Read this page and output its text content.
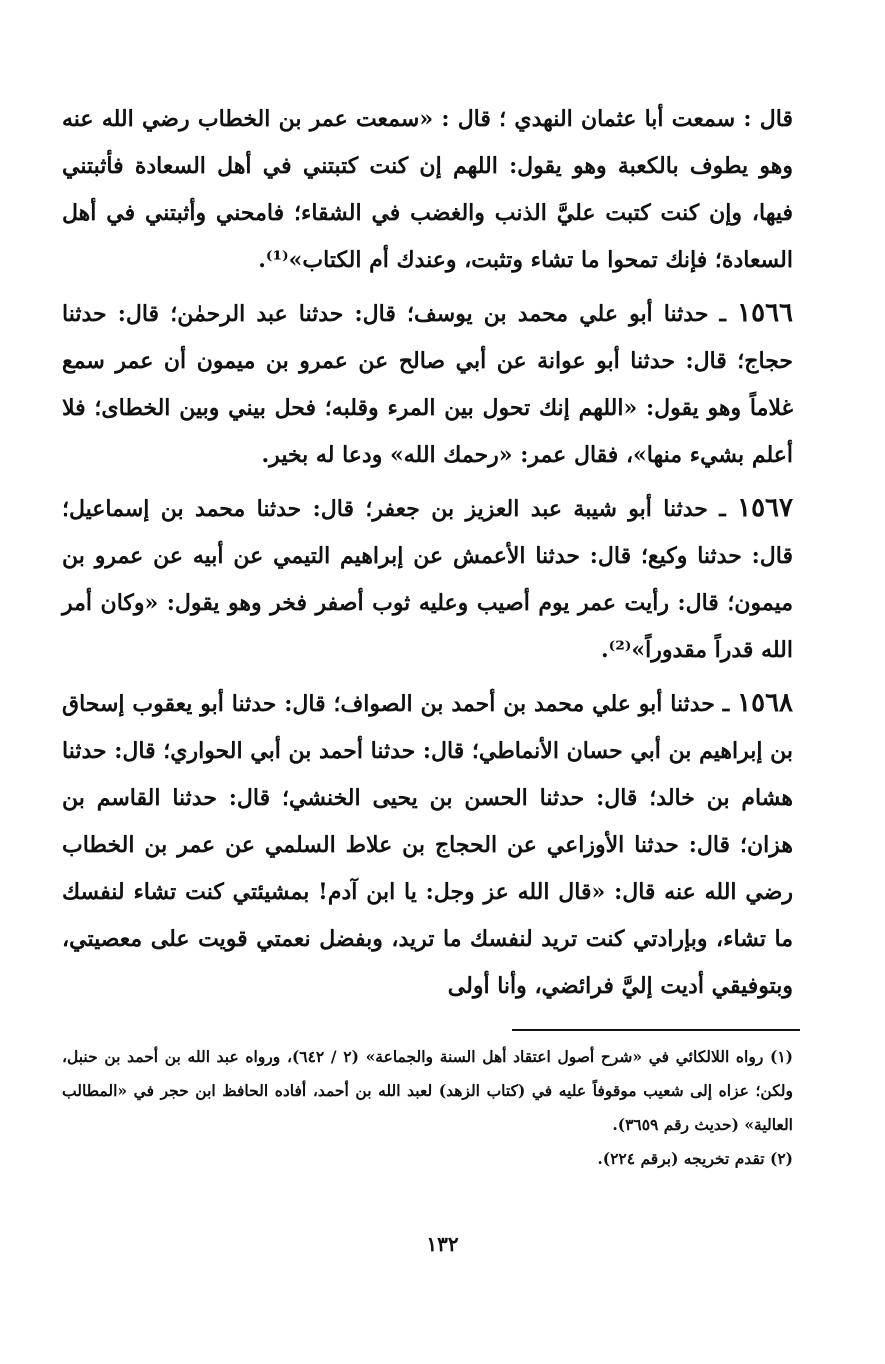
قال : سمعت أبا عثمان النهدي ؛ قال : «سمعت عمر بن الخطاب رضي الله عنه وهو يطوف بالكعبة وهو يقول: اللهم إن كنت كتبتني في أهل السعادة فأثبتني فيها، وإن كنت كتبت عليَّ الذنب والغضب في الشقاء؛ فامحني وأثبتني في أهل السعادة؛ فإنك تمحوا ما تشاء وتثبت، وعندك أم الكتاب»⁽¹⁾.

١٥٦٦ ـ حدثنا أبو علي محمد بن يوسف؛ قال: حدثنا عبد الرحمٰن؛ قال: حدثنا حجاج؛ قال: حدثنا أبو عوانة عن أبي صالح عن عمرو بن ميمون أن عمر سمع غلاماً وهو يقول: «اللهم إنك تحول بين المرء وقلبه؛ فحل بيني وبين الخطاى؛ فلا أعلم بشيء منها»، فقال عمر: «رحمك الله» ودعا له بخير.

١٥٦٧ ـ حدثنا أبو شيبة عبد العزيز بن جعفر؛ قال: حدثنا محمد بن إسماعيل؛ قال: حدثنا وكيع؛ قال: حدثنا الأعمش عن إبراهيم التيمي عن أبيه عن عمرو بن ميمون؛ قال: رأيت عمر يوم أصيب وعليه ثوب أصفر فخر وهو يقول: «وكان أمر الله قدراً مقدوراً»⁽²⁾.

١٥٦٨ ـ حدثنا أبو علي محمد بن أحمد بن الصواف؛ قال: حدثنا أبو يعقوب إسحاق بن إبراهيم بن أبي حسان الأنماطي؛ قال: حدثنا أحمد بن أبي الحواري؛ قال: حدثنا هشام بن خالد؛ قال: حدثنا الحسن بن يحيى الخنشي؛ قال: حدثنا القاسم بن هزان؛ قال: حدثنا الأوزاعي عن الحجاج بن علاط السلمي عن عمر بن الخطاب رضي الله عنه قال: «قال الله عز وجل: يا ابن آدم! بمشيئتي كنت تشاء لنفسك ما تشاء، وبإرادتي كنت تريد لنفسك ما تريد، وبفضل نعمتي قويت على معصيتي، وبتوفيقي أديت إليَّ فرائضي، وأنا أولى

(١) رواه اللالكائي في «شرح أصول اعتقاد أهل السنة والجماعة» (٢ / ٦٤٢)، ورواه عبد الله بن أحمد بن حنبل، ولكن؛ عزاه إلى شعيب موقوفاً عليه في (كتاب الزهد) لعبد الله بن أحمد، أفاده الحافظ ابن حجر في «المطالب العالية» (حديث رقم ٣٦٥٩).

(٢) تقدم تخريجه (برقم ٢٢٤).

١٣٢
